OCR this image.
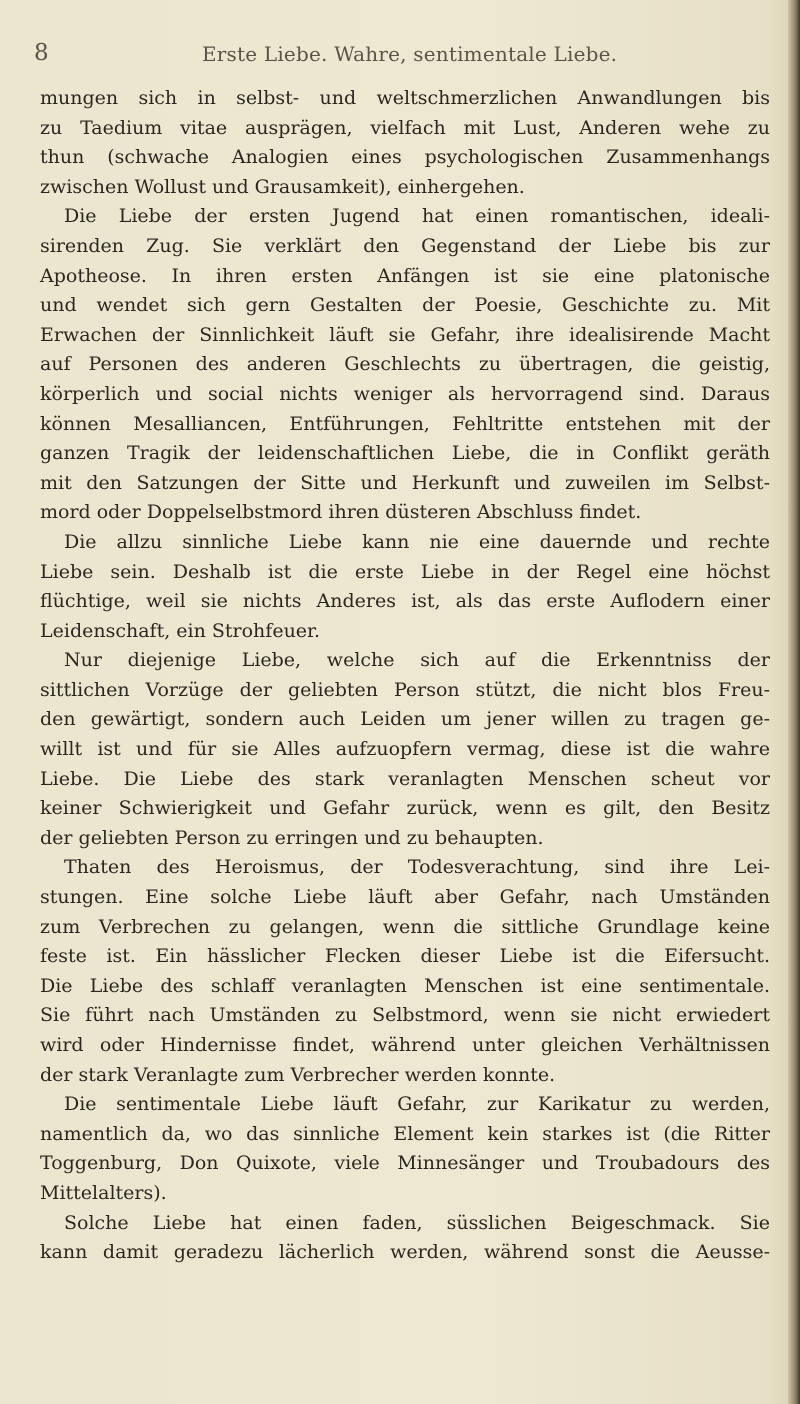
8	Erste Liebe. Wahre, sentimentale Liebe.
mungen sich in selbst- und weltschmerzlichen Anwandlungen bis
zu Taedium vitae ausprägen, vielfach mit Lust, Anderen wehe zu
thun (schwache Analogien eines psychologischen Zusammenhangs
zwischen Wollust und Grausamkeit), einhergehen.
Die Liebe der ersten Jugend hat einen romantischen, ideali-
sirenden Zug. Sie verklärt den Gegenstand der Liebe bis zur
Apotheose. In ihren ersten Anfängen ist sie eine platonische
und wendet sich gern Gestalten der Poesie, Geschichte zu. Mit
Erwachen der Sinnlichkeit läuft sie Gefahr, ihre idealisirende Macht
auf Personen des anderen Geschlechts zu übertragen, die geistig,
körperlich und social nichts weniger als hervorragend sind. Daraus
können Mesalliancen, Entführungen, Fehltritte entstehen mit der
ganzen Tragik der leidenschaftlichen Liebe, die in Conflikt geräth
mit den Satzungen der Sitte und Herkunft und zuweilen im Selbst-
mord oder Doppelselbstmord ihren düsteren Abschluss findet.
Die allzu sinnliche Liebe kann nie eine dauernde und rechte
Liebe sein. Deshalb ist die erste Liebe in der Regel eine höchst
flüchtige, weil sie nichts Anderes ist, als das erste Auflodern einer
Leidenschaft, ein Strohfeuer.
Nur diejenige Liebe, welche sich auf die Erkenntniss der
sittlichen Vorzüge der geliebten Person stützt, die nicht blos Freu-
den gewärtigt, sondern auch Leiden um jener willen zu tragen ge-
willt ist und für sie Alles aufzuopfern vermag, diese ist die wahre
Liebe. Die Liebe des stark veranlagten Menschen scheut vor
keiner Schwierigkeit und Gefahr zurück, wenn es gilt, den Besitz
der geliebten Person zu erringen und zu behaupten.
Thaten des Heroismus, der Todesverachtung, sind ihre Lei-
stungen. Eine solche Liebe läuft aber Gefahr, nach Umständen
zum Verbrechen zu gelangen, wenn die sittliche Grundlage keine
feste ist. Ein hässlicher Flecken dieser Liebe ist die Eifersucht.
Die Liebe des schlaff veranlagten Menschen ist eine sentimentale.
Sie führt nach Umständen zu Selbstmord, wenn sie nicht erwiedert
wird oder Hindernisse findet, während unter gleichen Verhältnissen
der stark Veranlagte zum Verbrecher werden konnte.
Die sentimentale Liebe läuft Gefahr, zur Karikatur zu werden,
namentlich da, wo das sinnliche Element kein starkes ist (die Ritter
Toggenburg, Don Quixote, viele Minnesänger und Troubadours des
Mittelalters).
Solche Liebe hat einen faden, süsslichen Beigeschmack. Sie
kann damit geradezu lächerlich werden, während sonst die Aeusse-
